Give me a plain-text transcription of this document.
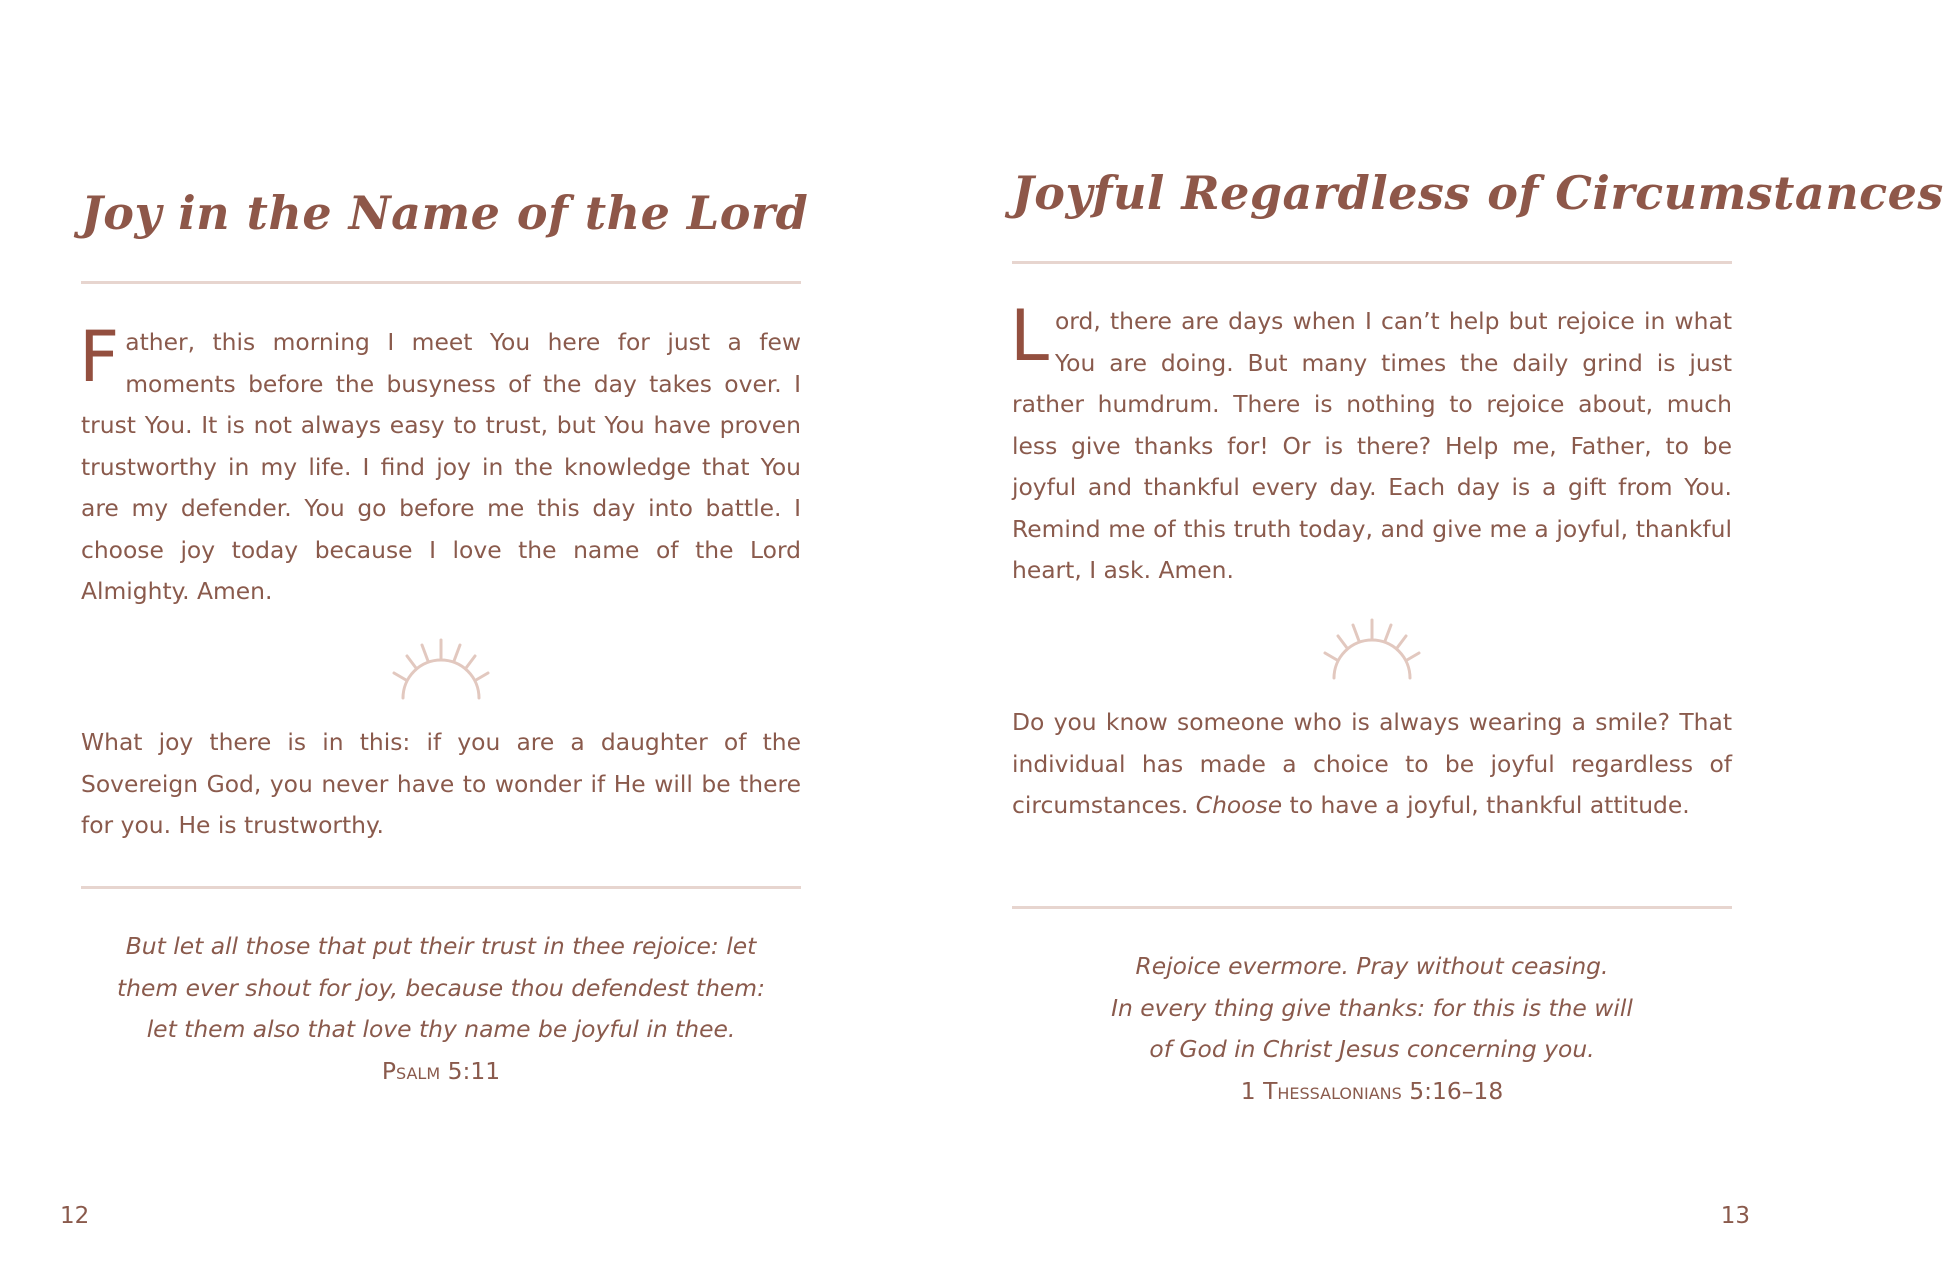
Joy in the Name of the Lord

Father, this morning I meet You here for just a few moments before the busyness of the day takes over. I trust You. It is not always easy to trust, but You have proven trustworthy in my life. I find joy in the knowledge that You are my defender. You go before me this day into battle. I choose joy today because I love the name of the Lord Almighty. Amen.

What joy there is in this: if you are a daughter of the Sovereign God, you never have to wonder if He will be there for you. He is trustworthy.

But let all those that put their trust in thee rejoice: let

them ever shout for joy, because thou defendest them:

let them also that love thy name be joyful in thee.

Psalm 5:11

12
Joyful Regardless of Circumstances

Lord, there are days when I can’t help but rejoice in what You are doing. But many times the daily grind is just rather humdrum. There is nothing to rejoice about, much less give thanks for! Or is there? Help me, Father, to be joyful and thankful every day. Each day is a gift from You. Remind me of this truth today, and give me a joyful, thankful heart, I ask. Amen.

Do you know someone who is always wearing a smile? That individual has made a choice to be joyful regardless of circumstances. Choose to have a joyful, thankful attitude.

Rejoice evermore. Pray without ceasing.

In every thing give thanks: for this is the will

of God in Christ Jesus concerning you.

1 Thessalonians 5:16–18

13
